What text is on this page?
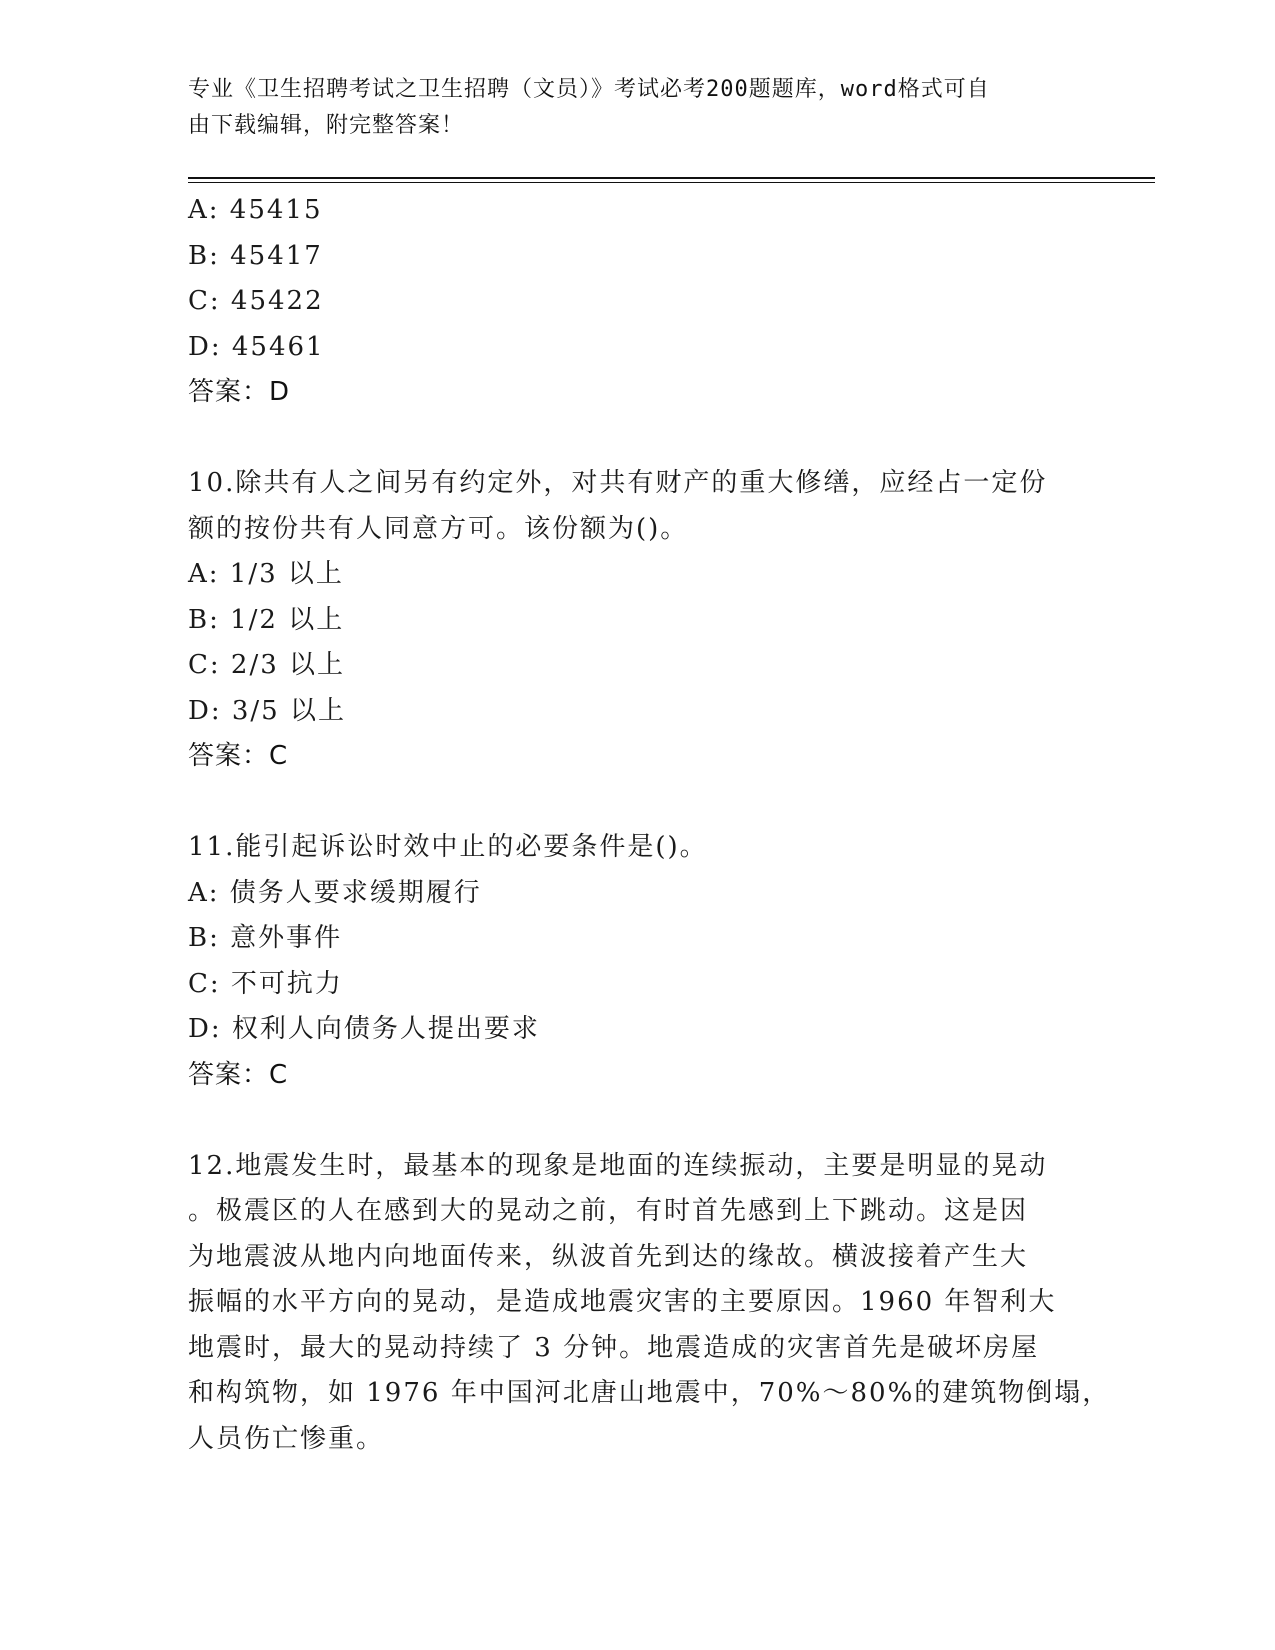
专业《卫生招聘考试之卫生招聘（文员）》考试必考200题题库，word格式可自
由下载编辑，附完整答案！
A: 45415
B: 45417
C: 45422
D: 45461
答案：D
10.除共有人之间另有约定外，对共有财产的重大修缮，应经占一定份
额的按份共有人同意方可。该份额为()。
A: 1/3 以上
B: 1/2 以上
C: 2/3 以上
D: 3/5 以上
答案：C
11.能引起诉讼时效中止的必要条件是()。
A: 债务人要求缓期履行
B: 意外事件
C: 不可抗力
D: 权利人向债务人提出要求
答案：C
12.地震发生时，最基本的现象是地面的连续振动，主要是明显的晃动
。极震区的人在感到大的晃动之前，有时首先感到上下跳动。这是因
为地震波从地内向地面传来，纵波首先到达的缘故。横波接着产生大
振幅的水平方向的晃动，是造成地震灾害的主要原因。1960 年智利大
地震时，最大的晃动持续了 3 分钟。地震造成的灾害首先是破坏房屋
和构筑物，如 1976 年中国河北唐山地震中，70%～80%的建筑物倒塌，
人员伤亡惨重。
